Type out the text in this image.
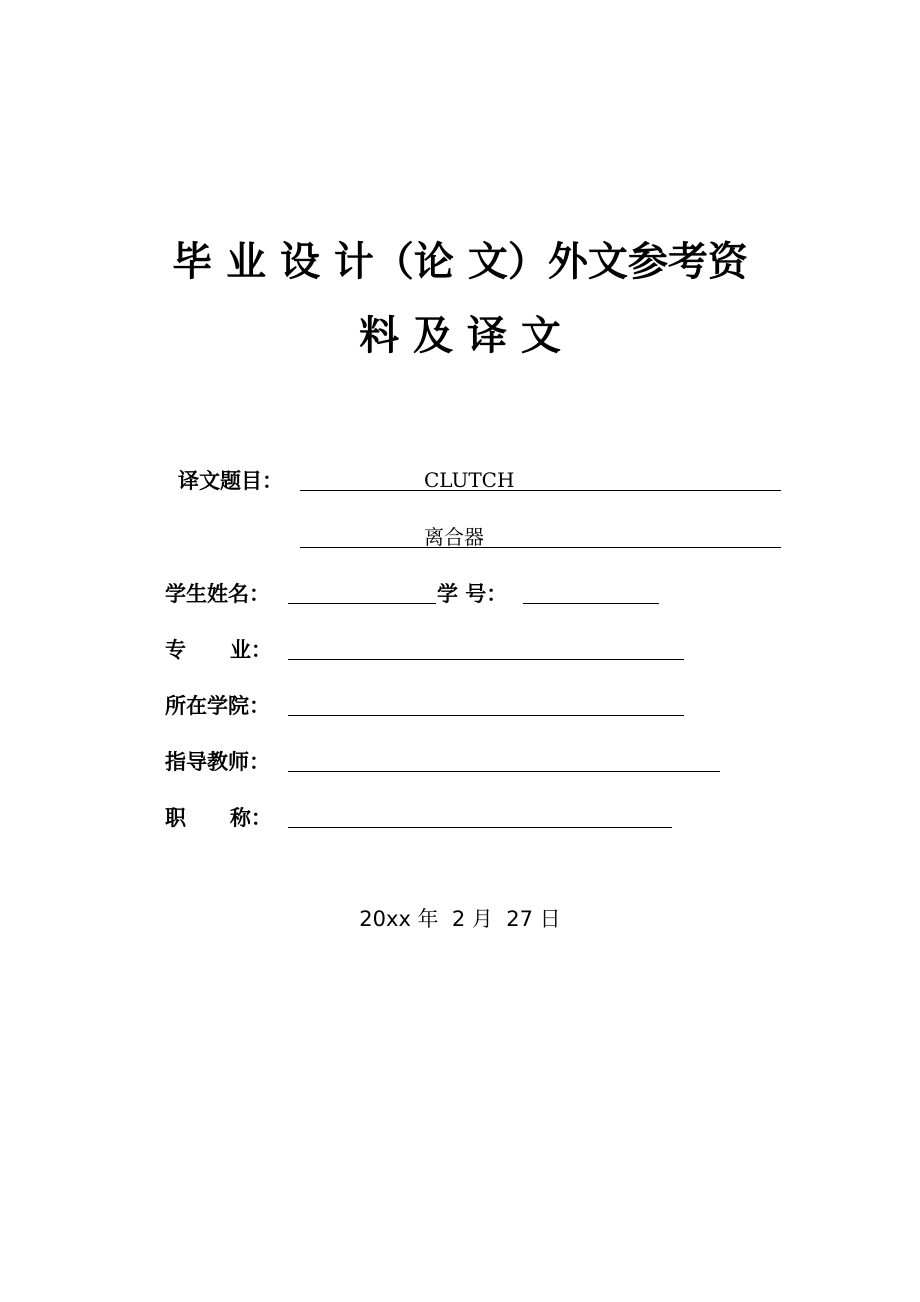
毕 业 设 计（论 文）外文参考资
料 及 译 文
译文题目：	CLUTCH
离合器
学生姓名：	学 号：
专      业：
所在学院：
指导教师：
职      称：
20xx 年  2 月  27 日
